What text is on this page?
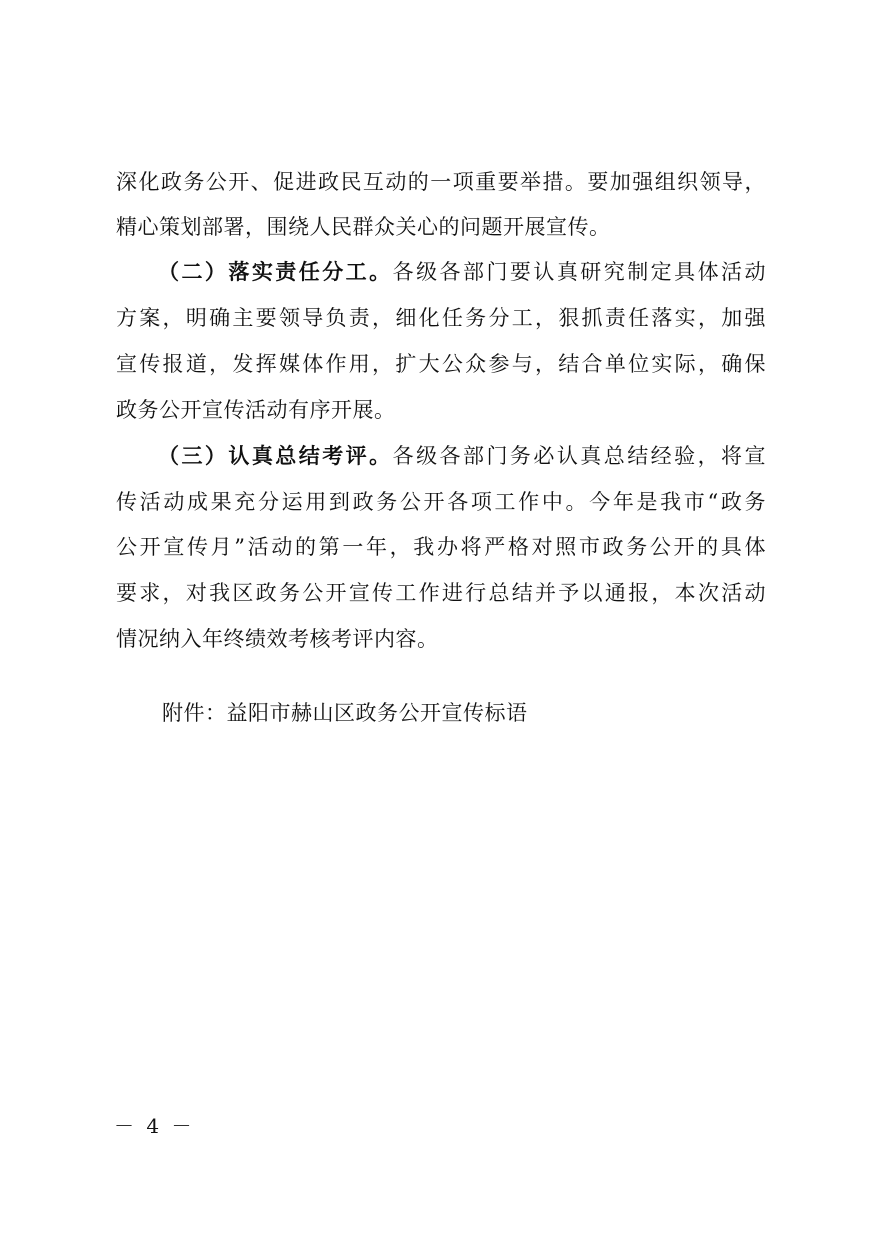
深化政务公开、促进政民互动的一项重要举措。要加强组织领导，
精心策划部署，围绕人民群众关心的问题开展宣传。
（二）落实责任分工。各级各部门要认真研究制定具体活动
方案，明确主要领导负责，细化任务分工，狠抓责任落实，加强
宣传报道，发挥媒体作用，扩大公众参与，结合单位实际，确保
政务公开宣传活动有序开展。
（三）认真总结考评。各级各部门务必认真总结经验，将宣
传活动成果充分运用到政务公开各项工作中。今年是我市“政务
公开宣传月”活动的第一年，我办将严格对照市政务公开的具体
要求，对我区政务公开宣传工作进行总结并予以通报，本次活动
情况纳入年终绩效考核考评内容。
附件：益阳市赫山区政务公开宣传标语
－ 4 －
